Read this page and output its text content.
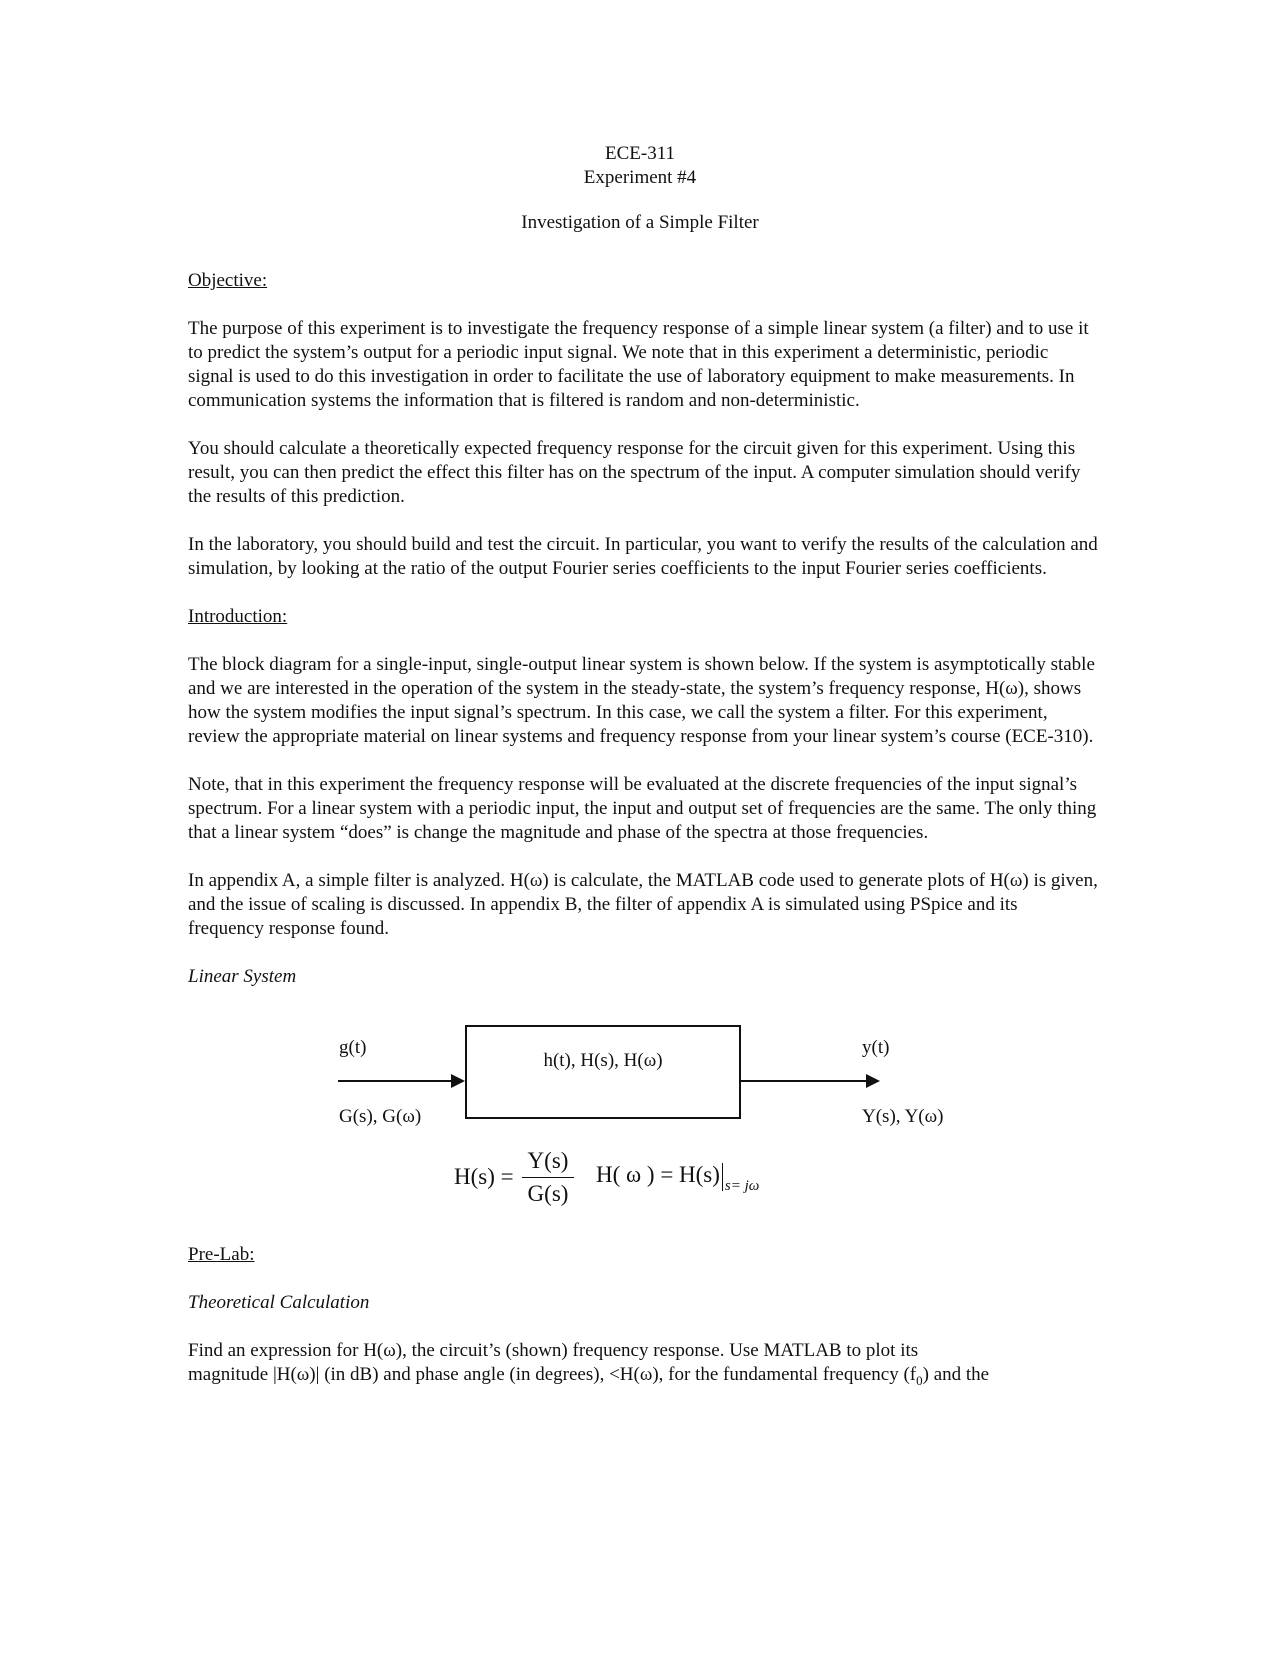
ECE-311
Experiment #4
Investigation of a Simple Filter
Objective:

The purpose of this experiment is to investigate the frequency response of a simple linear system (a filter) and to use it to predict the system’s output for a periodic input signal. We note that in this experiment a deterministic, periodic signal is used to do this investigation in order to facilitate the use of laboratory equipment to make measurements. In communication systems the information that is filtered is random and non-deterministic.

You should calculate a theoretically expected frequency response for the circuit given for this experiment. Using this result, you can then predict the effect this filter has on the spectrum of the input. A computer simulation should verify the results of this prediction.

In the laboratory, you should build and test the circuit. In particular, you want to verify the results of the calculation and simulation, by looking at the ratio of the output Fourier series coefficients to the input Fourier series coefficients.

Introduction:

The block diagram for a single-input, single-output linear system is shown below. If the system is asymptotically stable and we are interested in the operation of the system in the steady-state, the system’s frequency response, H(ω), shows how the system modifies the input signal’s spectrum. In this case, we call the system a filter. For this experiment, review the appropriate material on linear systems and frequency response from your linear system’s course (ECE-310).

Note, that in this experiment the frequency response will be evaluated at the discrete frequencies of the input signal’s spectrum. For a linear system with a periodic input, the input and output set of frequencies are the same. The only thing that a linear system “does” is change the magnitude and phase of the spectra at those frequencies.

In appendix A, a simple filter is analyzed. H(ω) is calculate, the MATLAB code used to generate plots of H(ω) is given, and the issue of scaling is discussed. In appendix B, the filter of appendix A is simulated using PSpice and its frequency response found.

Linear System
g(t)
G(s), G(ω)
h(t), H(s), H(ω)
y(t)
Y(s), Y(ω)
H(s) =
Y(s)
G(s)
H( ω ) = H(s) $_{s= j\omega}$
Pre-Lab:
Theoretical Calculation
Find an expression for H(ω), the circuit’s (shown) frequency response. Use MATLAB to plot its
magnitude |H(ω)| (in dB) and phase angle (in degrees), <H(ω), for the fundamental frequency $(f_0)$ and the
